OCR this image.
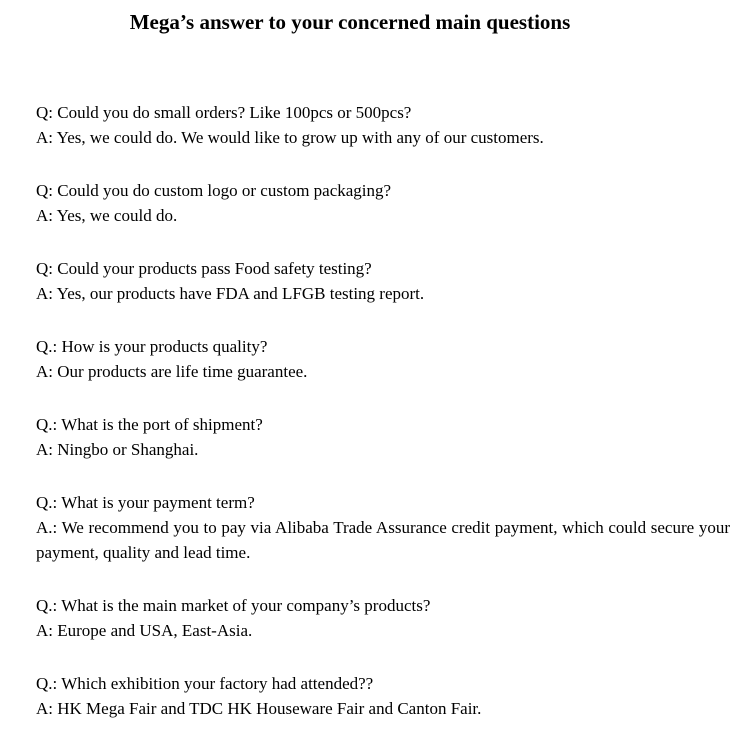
Mega’s answer to your concerned main questions

Q: Could you do small orders? Like 100pcs or 500pcs?

A: Yes, we could do. We would like to grow up with any of our customers.

Q: Could you do custom logo or custom packaging?

A: Yes, we could do.

Q: Could your products pass Food safety testing?

A: Yes, our products have FDA and LFGB testing report.

Q.: How is your products quality?

A: Our products are life time guarantee.

Q.: What is the port of shipment?

A: Ningbo or Shanghai.

Q.: What is your payment term?

A.: We recommend you to pay via Alibaba Trade Assurance credit payment, which could secure your payment, quality and lead time.

Q.: What is the main market of your company’s products?

A: Europe and USA, East-Asia.

Q.: Which exhibition your factory had attended??

A: HK Mega Fair and TDC HK Houseware Fair and Canton Fair.
